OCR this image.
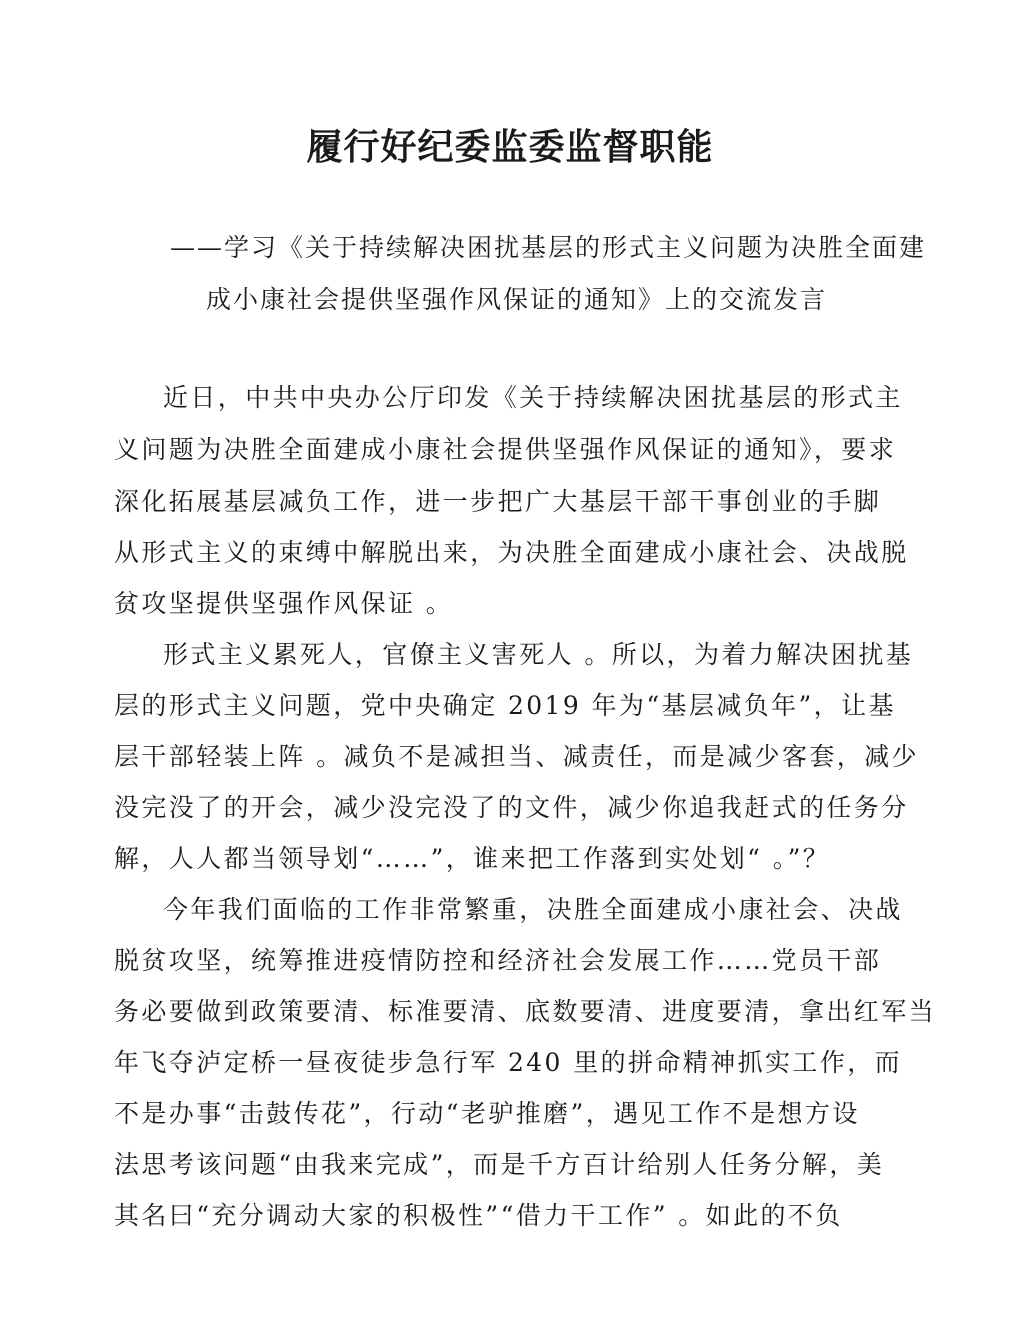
履行好纪委监委监督职能
——学习《关于持续解决困扰基层的形式主义问题为决胜全面建
成小康社会提供坚强作风保证的通知》上的交流发言
近日，中共中央办公厅印发《关于持续解决困扰基层的形式主
义问题为决胜全面建成小康社会提供坚强作风保证的通知》，要求
深化拓展基层减负工作，进一步把广大基层干部干事创业的手脚
从形式主义的束缚中解脱出来，为决胜全面建成小康社会、决战脱
贫攻坚提供坚强作风保证 。
形式主义累死人，官僚主义害死人 。所以，为着力解决困扰基
层的形式主义问题，党中央确定 2019 年为“基层减负年”，让基
层干部轻装上阵 。减负不是减担当、减责任，而是减少客套，减少
没完没了的开会，减少没完没了的文件，减少你追我赶式的任务分
解，人人都当领导划“……”，谁来把工作落到实处划“ 。”？
今年我们面临的工作非常繁重，决胜全面建成小康社会、决战
脱贫攻坚，统筹推进疫情防控和经济社会发展工作……党员干部
务必要做到政策要清、标准要清、底数要清、进度要清，拿出红军当
年飞夺泸定桥一昼夜徒步急行军 240 里的拼命精神抓实工作，而
不是办事“击鼓传花”，行动“老驴推磨”，遇见工作不是想方设
法思考该问题“由我来完成”，而是千方百计给别人任务分解，美
其名曰“充分调动大家的积极性”“借力干工作” 。如此的不负
